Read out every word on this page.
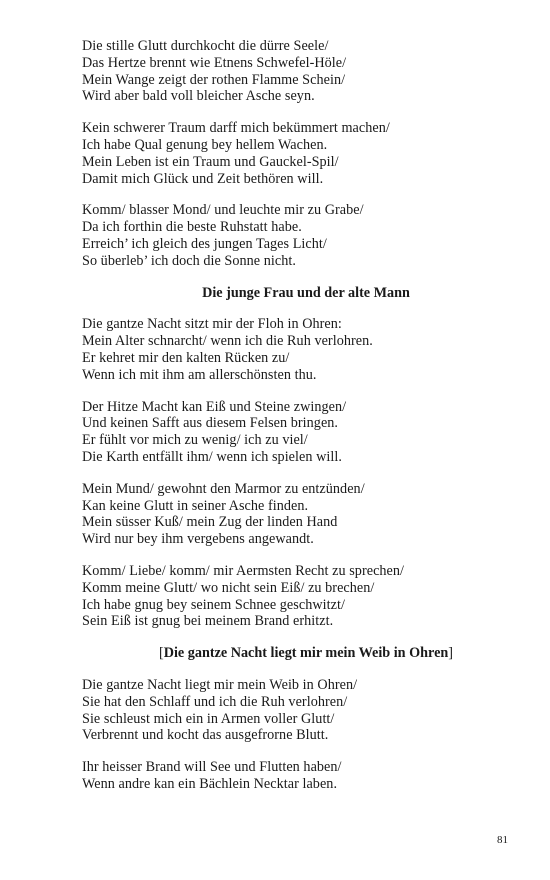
Die stille Glutt durchkocht die dürre Seele/
Das Hertze brennt wie Etnens Schwefel-Höle/
Mein Wange zeigt der rothen Flamme Schein/
Wird aber bald voll bleicher Asche seyn.
Kein schwerer Traum darff mich bekümmert machen/
Ich habe Qual genung bey hellem Wachen.
Mein Leben ist ein Traum und Gauckel-Spil/
Damit mich Glück und Zeit bethören will.
Komm/ blasser Mond/ und leuchte mir zu Grabe/
Da ich forthin die beste Ruhstatt habe.
Erreich’ ich gleich des jungen Tages Licht/
So überleb’ ich doch die Sonne nicht.
Die junge Frau und der alte Mann
Die gantze Nacht sitzt mir der Floh in Ohren:
Mein Alter schnarcht/ wenn ich die Ruh verlohren.
Er kehret mir den kalten Rücken zu/
Wenn ich mit ihm am allerschönsten thu.
Der Hitze Macht kan Eiß und Steine zwingen/
Und keinen Safft aus diesem Felsen bringen.
Er fühlt vor mich zu wenig/ ich zu viel/
Die Karth entfällt ihm/ wenn ich spielen will.
Mein Mund/ gewohnt den Marmor zu entzünden/
Kan keine Glutt in seiner Asche finden.
Mein süsser Kuß/ mein Zug der linden Hand
Wird nur bey ihm vergebens angewandt.
Komm/ Liebe/ komm/ mir Aermsten Recht zu sprechen/
Komm meine Glutt/ wo nicht sein Eiß/ zu brechen/
Ich habe gnug bey seinem Schnee geschwitzt/
Sein Eiß ist gnug bei meinem Brand erhitzt.
[Die gantze Nacht liegt mir mein Weib in Ohren]
Die gantze Nacht liegt mir mein Weib in Ohren/
Sie hat den Schlaff und ich die Ruh verlohren/
Sie schleust mich ein in Armen voller Glutt/
Verbrennt und kocht das ausgefrorne Blutt.
Ihr heisser Brand will See und Flutten haben/
Wenn andre kan ein Bächlein Necktar laben.
81
